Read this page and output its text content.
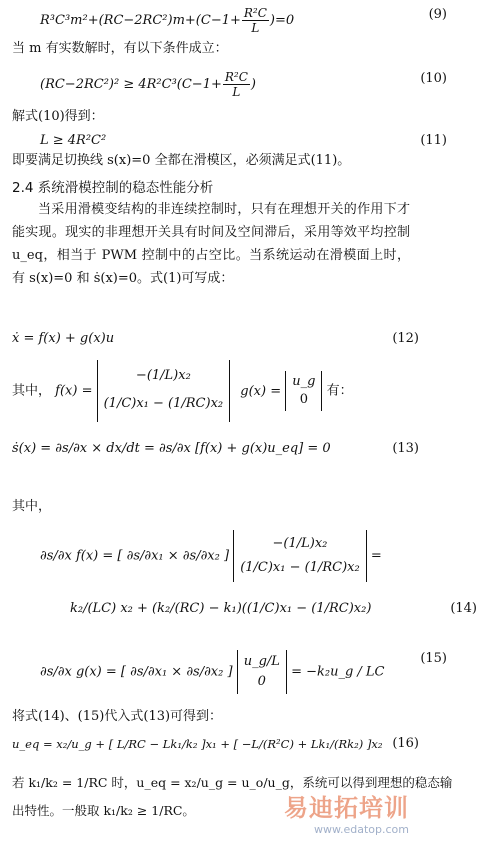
$R^3C^3m^2+(RC-2RC^2)m+(C-1+ \frac{\text{R²C}}{L} )=0$	(9)
当 m 有实数解时，有以下条件成立：
$(RC-2RC^2)^2 \ge 4R^2C^3(C-1+ \frac{\text{R²C}}{L}$ )	(10)
解式(10)得到：
L ≥ 4R²C²	(11)
即要满足切换线 s(x)=0 全都在滑模区，必须满足式(11)。
2.4 系统滑模控制的稳态性能分析
当采用滑模变结构的非连续控制时，只有在理想开关的作用下才能实现。现实的非理想开关具有时间及空间滞后，采用等效平均控制 u_eq，相当于 PWM 控制中的占空比。当系统运动在滑模面上时，有 s(x)=0 和 ṡ(x)=0。式(1)可写成：
ẋ = f(x) + g(x)u	(12)
其中， f(x) =
−(1/L)x₂
(1/C)x₁ − (1/RC)x₂
g(x) =
u_g
0
有：
ṡ(x) = ∂s/∂x × dx/dt = ∂s/∂x [f(x) + g(x)u_eq] = 0	(13)
其中，
∂s/∂x f(x) = [ ∂s/∂x₁ × ∂s/∂x₂ ]
−(1/L)x₂
(1/C)x₁ − (1/RC)x₂
=
k₂/(LC) x₂ + (k₂/(RC) − k₁)((1/C)x₁ − (1/RC)x₂)	(14)
∂s/∂x g(x) = [ ∂s/∂x₁ × ∂s/∂x₂ ]
u_g/L
0
= −k₂u_g / LC
(15)
将式(14)、(15)代入式(13)可得到：
u_eq = x₂/u_g + [ L/RC − Lk₁/k₂ ]x₁ + [ −L/(R²C) + Lk₁/(Rk₂) ]x₂ (16)
若 k₁/k₂ = 1/RC 时，u_eq = x₂/u_g = u_o/u_g，系统可以得到理想的稳态输
出特性。一般取 k₁/k₂ ≥ 1/RC。	易迪拓培训
www.edatop.com
